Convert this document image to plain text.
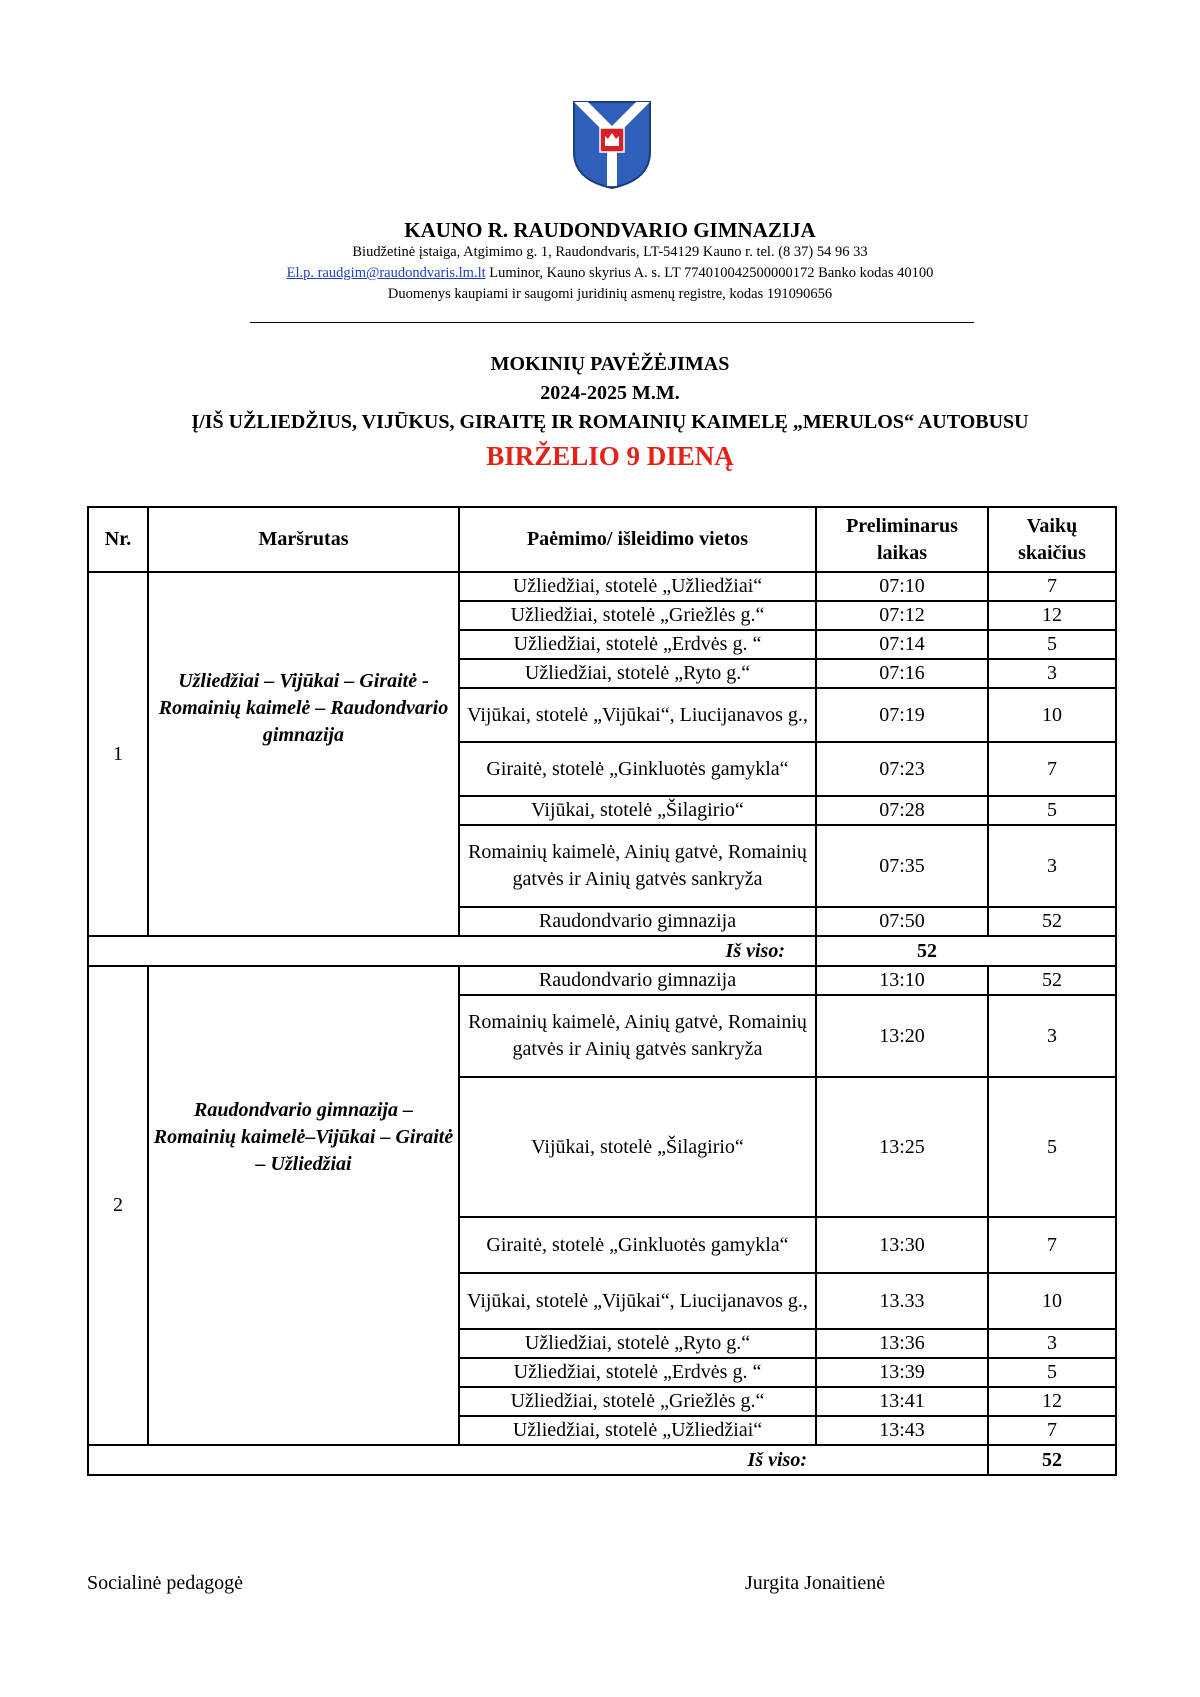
KAUNO R. RAUDONDVARIO GIMNAZIJA
Biudžetinė įstaiga, Atgimimo g. 1, Raudondvaris, LT-54129 Kauno r. tel. (8 37) 54 96 33
El.p. raudgim@raudondvaris.lm.lt Luminor, Kauno skyrius A. s. LT 774010042500000172 Banko kodas 40100
Duomenys kaupiami ir saugomi juridinių asmenų registre, kodas 191090656
MOKINIŲ PAVĖŽĖJIMAS
2024-2025 M.M.
Į/IŠ UŽLIEDŽIUS, VIJŪKUS, GIRAITĘ IR ROMAINIŲ KAIMELĘ „MERULOS“ AUTOBUSU
BIRŽELIO 9 DIENĄ
Nr.	Maršrutas	Paėmimo/ išleidimo vietos	Preliminarus laikas	Vaikų skaičius
1	Užliedžiai – Vijūkai – Giraitė - Romainių kaimelė – Raudondvario gimnazija	Užliedžiai, stotelė „Užliedžiai“	07:10	7
		Užliedžiai, stotelė „Griežlės g.“	07:12	12
		Užliedžiai, stotelė „Erdvės g. “	07:14	5
		Užliedžiai, stotelė „Ryto g.“	07:16	3
		Vijūkai, stotelė „Vijūkai“, Liucijanavos g.,	07:19	10
		Giraitė, stotelė „Ginkluotės gamykla“	07:23	7
		Vijūkai, stotelė „Šilagirio“	07:28	5
		Romainių kaimelė, Ainių gatvė, Romainių gatvės ir Ainių gatvės sankryža	07:35	3
		Raudondvario gimnazija	07:50	52
Iš viso:			52	
2	Raudondvario gimnazija – Romainių kaimelė–Vijūkai – Giraitė – Užliedžiai	Raudondvario gimnazija	13:10	52
		Romainių kaimelė, Ainių gatvė, Romainių gatvės ir Ainių gatvės sankryža	13:20	3
		Vijūkai, stotelė „Šilagirio“	13:25	5
		Giraitė, stotelė „Ginkluotės gamykla“	13:30	7
		Vijūkai, stotelė „Vijūkai“, Liucijanavos g.,	13.33	10
		Užliedžiai, stotelė „Ryto g.“	13:36	3
		Užliedžiai, stotelė „Erdvės g. “	13:39	5
		Užliedžiai, stotelė „Griežlės g.“	13:41	12
		Užliedžiai, stotelė „Užliedžiai“	13:43	7
Iš viso:				52
Socialinė pedagogė	Jurgita Jonaitienė
